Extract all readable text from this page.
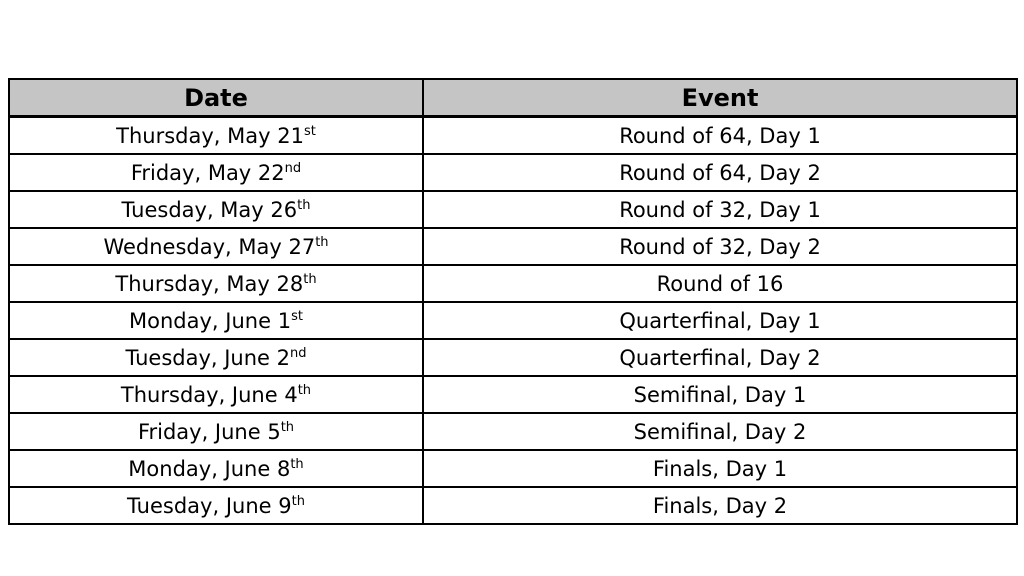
Date	Event
Thursday, May 21st	Round of 64, Day 1
Friday, May 22nd	Round of 64, Day 2
Tuesday, May 26th	Round of 32, Day 1
Wednesday, May 27th	Round of 32, Day 2
Thursday, May 28th	Round of 16
Monday, June 1st	Quarterfinal, Day 1
Tuesday, June 2nd	Quarterfinal, Day 2
Thursday, June 4th	Semifinal, Day 1
Friday, June 5th	Semifinal, Day 2
Monday, June 8th	Finals, Day 1
Tuesday, June 9th	Finals, Day 2
